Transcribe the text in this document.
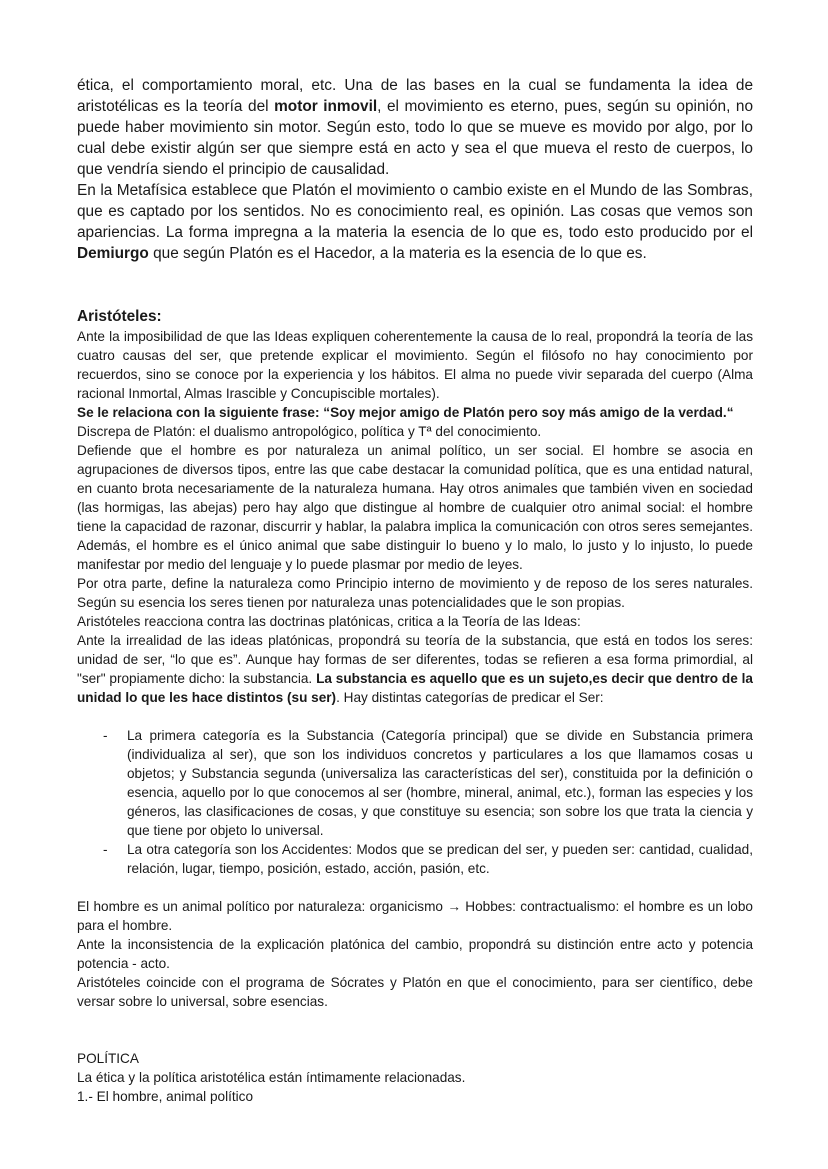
ética, el comportamiento moral, etc. Una de las bases en la cual se fundamenta la idea de aristotélicas es la teoría del motor inmovil, el movimiento es eterno, pues, según su opinión, no puede haber movimiento sin motor. Según esto, todo lo que se mueve es movido por algo, por lo cual debe existir algún ser que siempre está en acto y sea el que mueva el resto de cuerpos, lo que vendría siendo el principio de causalidad.

En la Metafísica establece que Platón el movimiento o cambio existe en el Mundo de las Sombras, que es captado por los sentidos. No es conocimiento real, es opinión. Las cosas que vemos son apariencias. La forma impregna a la materia la esencia de lo que es, todo esto producido por el Demiurgo que según Platón es el Hacedor, a la materia es la esencia de lo que es.

Aristóteles:

Ante la imposibilidad de que las Ideas expliquen coherentemente la causa de lo real, propondrá la teoría de las cuatro causas del ser, que pretende explicar el movimiento. Según el filósofo no hay conocimiento por recuerdos, sino se conoce por la experiencia y los hábitos. El alma no puede vivir separada del cuerpo (Alma racional Inmortal, Almas Irascible y Concupiscible mortales).

Se le relaciona con la siguiente frase: “Soy mejor amigo de Platón pero soy más amigo de la verdad.“

Discrepa de Platón: el dualismo antropológico, política y Tª del conocimiento.

Defiende que el hombre es por naturaleza un animal político, un ser social. El hombre se asocia en agrupaciones de diversos tipos, entre las que cabe destacar la comunidad política, que es una entidad natural, en cuanto brota necesariamente de la naturaleza humana. Hay otros animales que también viven en sociedad (las hormigas, las abejas) pero hay algo que distingue al hombre de cualquier otro animal social: el hombre tiene la capacidad de razonar, discurrir y hablar, la palabra implica la comunicación con otros seres semejantes. Además, el hombre es el único animal que sabe distinguir lo bueno y lo malo, lo justo y lo injusto, lo puede manifestar por medio del lenguaje y lo puede plasmar por medio de leyes.

Por otra parte, define la naturaleza como Principio interno de movimiento y de reposo de los seres naturales. Según su esencia los seres tienen por naturaleza unas potencialidades que le son propias.

Aristóteles reacciona contra las doctrinas platónicas, critica a la Teoría de las Ideas:

Ante la irrealidad de las ideas platónicas, propondrá su teoría de la substancia, que está en todos los seres: unidad de ser, “lo que es”. Aunque hay formas de ser diferentes, todas se refieren a esa forma primordial, al "ser" propiamente dicho: la substancia. La substancia es aquello que es un sujeto,es decir que dentro de la unidad lo que les hace distintos (su ser). Hay distintas categorías de predicar el Ser:

- La primera categoría es la Substancia (Categoría principal) que se divide en Substancia primera (individualiza al ser), que son los individuos concretos y particulares a los que llamamos cosas u objetos; y Substancia segunda (universaliza las características del ser), constituida por la definición o esencia, aquello por lo que conocemos al ser (hombre, mineral, animal, etc.), forman las especies y los géneros, las clasificaciones de cosas, y que constituye su esencia; son sobre los que trata la ciencia y que tiene por objeto lo universal.
- La otra categoría son los Accidentes: Modos que se predican del ser, y pueden ser: cantidad, cualidad, relación, lugar, tiempo, posición, estado, acción, pasión, etc.

El hombre es un animal político por naturaleza: organicismo → Hobbes: contractualismo: el hombre es un lobo para el hombre.

Ante la inconsistencia de la explicación platónica del cambio, propondrá su distinción entre acto y potencia potencia - acto.

Aristóteles coincide con el programa de Sócrates y Platón en que el conocimiento, para ser científico, debe versar sobre lo universal, sobre esencias.

POLÍTICA

La ética y la política aristotélica están íntimamente relacionadas.

1.- El hombre, animal político
